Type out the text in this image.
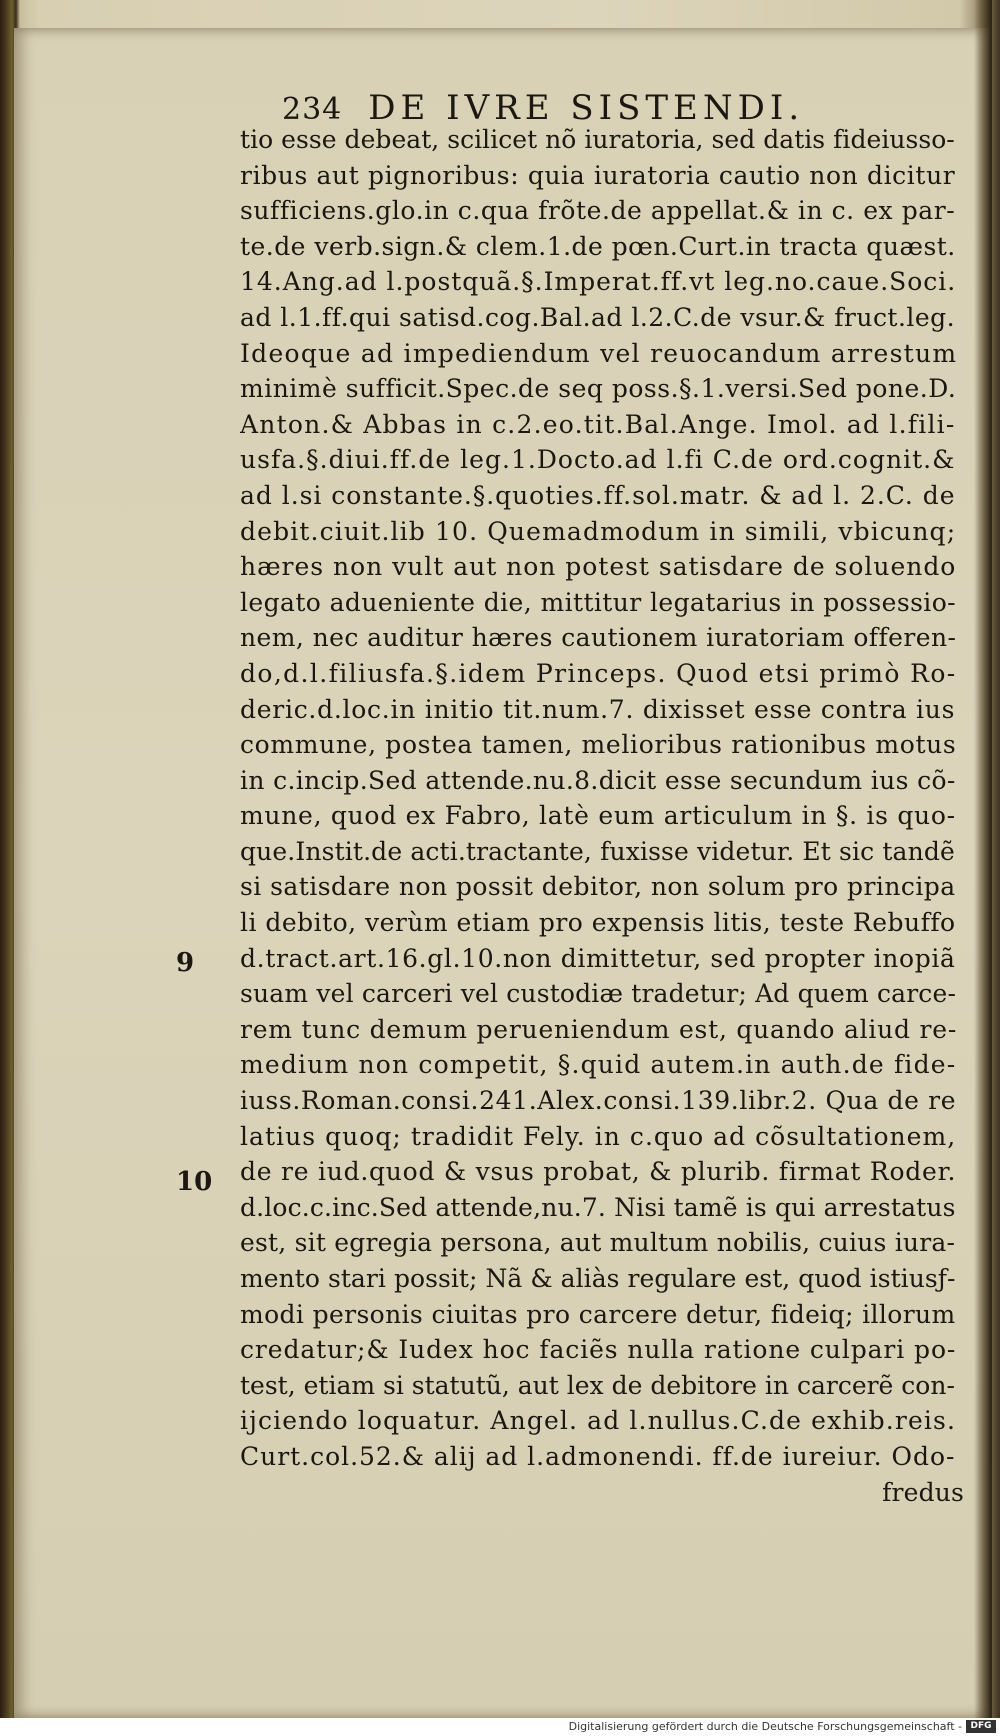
234 DE IVRE SISTENDI.
9
10
tio esse debeat, scilicet nõ iuratoria, sed datis fideiusso-
ribus aut pignoribus: quia iuratoria cautio non dicitur
sufficiens.glo.in c.qua frõte.de appellat.& in c. ex par-
te.de verb.sign.& clem.1.de pœn.Curt.in tracta quæst.
14.Ang.ad l.postquã.§.Imperat.ff.vt leg.no.caue.Soci.
ad l.1.ff.qui satisd.cog.Bal.ad l.2.C.de vsur.& fruct.leg.
Ideoque ad impediendum vel reuocandum arrestum
minimè sufficit.Spec.de seq poss.§.1.versi.Sed pone.D.
Anton.& Abbas in c.2.eo.tit.Bal.Ange. Imol. ad l.fili-
usfa.§.diui.ff.de leg.1.Docto.ad l.fi C.de ord.cognit.&
ad l.si constante.§.quoties.ff.sol.matr. & ad l. 2.C. de
debit.ciuit.lib 10. Quemadmodum in simili, vbicunq;
hæres non vult aut non potest satisdare de soluendo
legato adueniente die, mittitur legatarius in possessio-
nem, nec auditur hæres cautionem iuratoriam offeren-
do,d.l.filiusfa.§.idem Princeps. Quod etsi primò Ro-
deric.d.loc.in initio tit.num.7. dixisset esse contra ius
commune, postea tamen, melioribus rationibus motus
in c.incip.Sed attende.nu.8.dicit esse secundum ius cõ-
mune, quod ex Fabro, latè eum articulum in §. is quo-
que.Instit.de acti.tractante, fuxisse videtur. Et sic tandẽ
si satisdare non possit debitor, non solum pro principa
li debito, verùm etiam pro expensis litis, teste Rebuffo
d.tract.art.16.gl.10.non dimittetur, sed propter inopiã
suam vel carceri vel custodiæ tradetur; Ad quem carce-
rem tunc demum perueniendum est, quando aliud re-
medium non competit, §.quid autem.in auth.de fide-
iuss.Roman.consi.241.Alex.consi.139.libr.2. Qua de re
latius quoq; tradidit Fely. in c.quo ad cõsultationem,
de re iud.quod & vsus probat, & plurib. firmat Roder.
d.loc.c.inc.Sed attende,nu.7. Nisi tamẽ is qui arrestatus
est, sit egregia persona, aut multum nobilis, cuius iura-
mento stari possit; Nã & aliàs regulare est, quod istiusƒ-
modi personis ciuitas pro carcere detur, fideiq; illorum
credatur;& Iudex hoc faciẽs nulla ratione culpari po-
test, etiam si statutũ, aut lex de debitore in carcerẽ con-
ijciendo loquatur. Angel. ad l.nullus.C.de exhib.reis.
Curt.col.52.& alij ad l.admonendi. ff.de iureiur. Odo-
fredus
Digitalisierung gefördert durch die Deutsche Forschungsgemeinschaft - DFG
